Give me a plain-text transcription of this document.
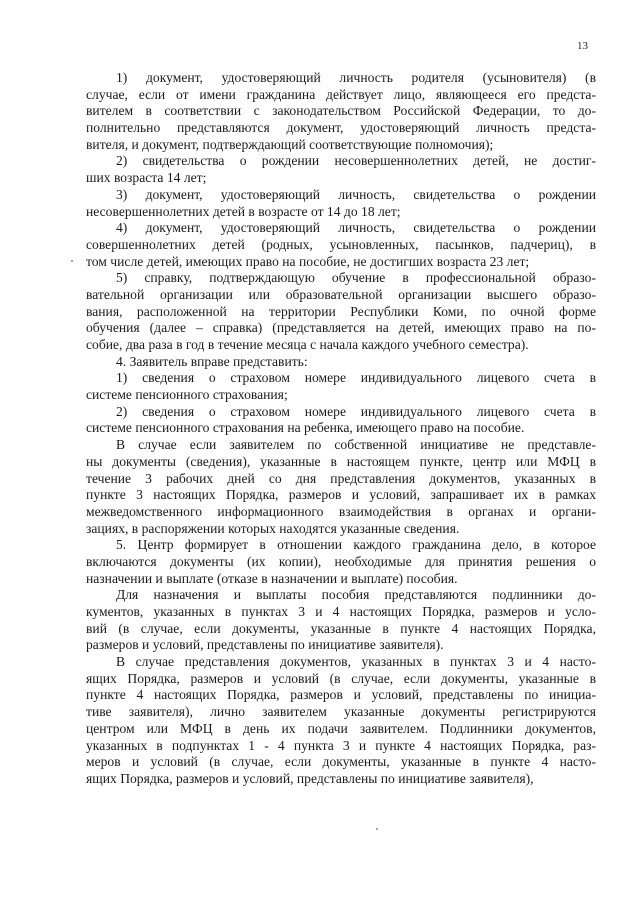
13
1) документ, удостоверяющий личность родителя (усыновителя) (в
случае, если от имени гражданина действует лицо, являющееся его предста-
вителем в соответствии с законодательством Российской Федерации, то до-
полнительно представляются документ, удостоверяющий личность предста-
вителя, и документ, подтверждающий соответствующие полномочия);
2) свидетельства о рождении несовершеннолетних детей, не достиг-
ших возраста 14 лет;
3) документ, удостоверяющий личность, свидетельства о рождении
несовершеннолетних детей в возрасте от 14 до 18 лет;
4) документ, удостоверяющий личность, свидетельства о рождении
совершеннолетних детей (родных, усыновленных, пасынков, падчериц), в
том числе детей, имеющих право на пособие, не достигших возраста 23 лет;
5) справку, подтверждающую обучение в профессиональной образо-
вательной организации или образовательной организации высшего образо-
вания, расположенной на территории Республики Коми, по очной форме
обучения (далее – справка) (представляется на детей, имеющих право на по-
собие, два раза в год в течение месяца с начала каждого учебного семестра).
4. Заявитель вправе представить:
1) сведения о страховом номере индивидуального лицевого счета в
системе пенсионного страхования;
2) сведения о страховом номере индивидуального лицевого счета в
системе пенсионного страхования на ребенка, имеющего право на пособие.
В случае если заявителем по собственной инициативе не представле-
ны документы (сведения), указанные в настоящем пункте, центр или МФЦ в
течение 3 рабочих дней со дня представления документов, указанных в
пункте 3 настоящих Порядка, размеров и условий, запрашивает их в рамках
межведомственного информационного взаимодействия в органах и органи-
зациях, в распоряжении которых находятся указанные сведения.
5. Центр формирует в отношении каждого гражданина дело, в которое
включаются документы (их копии), необходимые для принятия решения о
назначении и выплате (отказе в назначении и выплате) пособия.
Для назначения и выплаты пособия представляются подлинники до-
кументов, указанных в пунктах 3 и 4 настоящих Порядка, размеров и усло-
вий (в случае, если документы, указанные в пункте 4 настоящих Порядка,
размеров и условий, представлены по инициативе заявителя).
В случае представления документов, указанных в пунктах 3 и 4 насто-
ящих Порядка, размеров и условий (в случае, если документы, указанные в
пункте 4 настоящих Порядка, размеров и условий, представлены по инициа-
тиве заявителя), лично заявителем указанные документы регистрируются
центром или МФЦ в день их подачи заявителем. Подлинники документов,
указанных в подпунктах 1 - 4 пункта 3 и пункте 4 настоящих Порядка, раз-
меров и условий (в случае, если документы, указанные в пункте 4 насто-
ящих Порядка, размеров и условий, представлены по инициативе заявителя),
